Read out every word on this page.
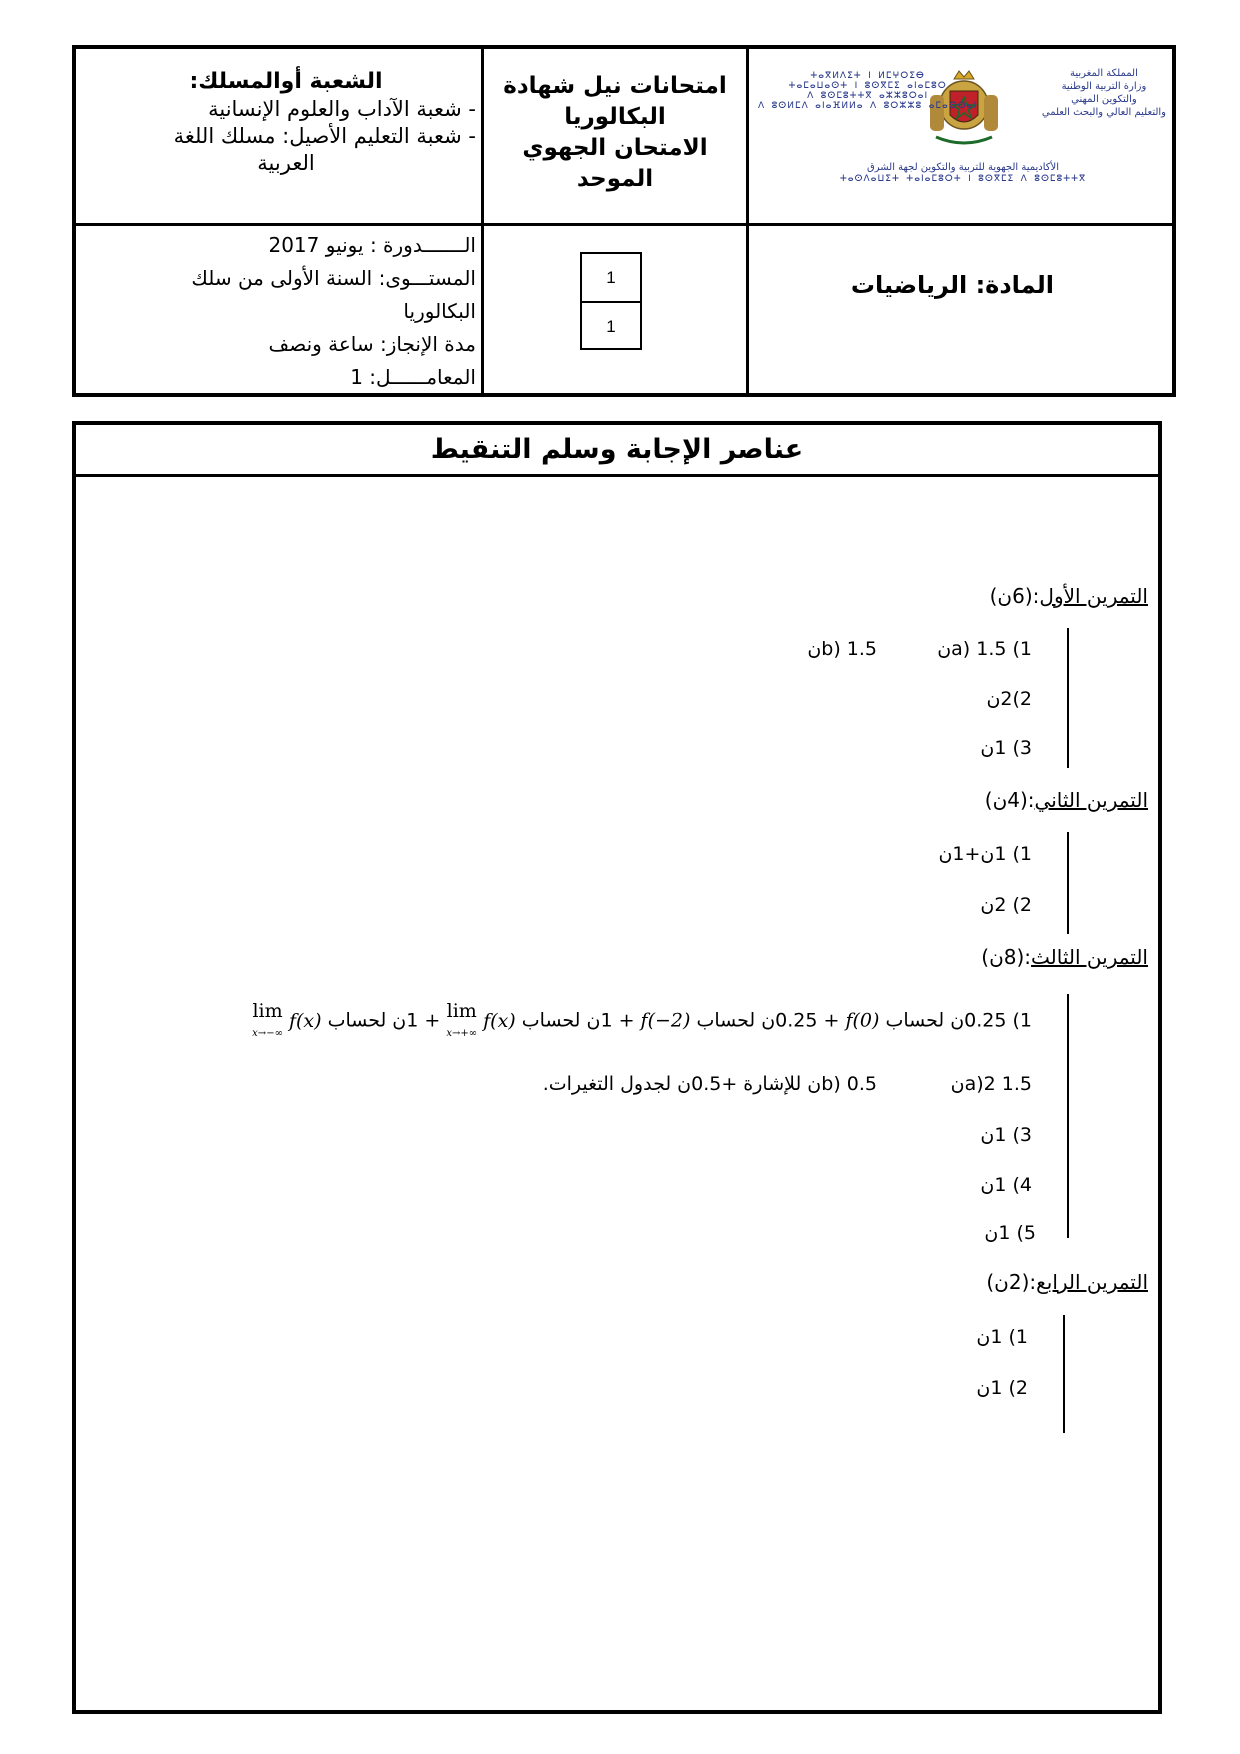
المملكة المغربية
وزارة التربية الوطنية
والتكوين المهني
والتعليم العالي والبحث العلمي
ⵜⴰⴳⵍⴷⵉⵜ ⵏ ⵍⵎⵖⵔⵉⴱ
ⵜⴰⵎⴰⵡⴰⵙⵜ ⵏ ⵓⵙⴳⵎⵉ ⴰⵏⴰⵎⵓⵔ
ⴷ ⵓⵙⵎⵓⵜⵜⴳ ⴰⵣⵣⵓⵔⴰⵏ
ⴷ ⵓⵙⵍⵎⴷ ⴰⵏⴰⴼⵍⵍⴰ ⴷ ⵓⵔⵣⵣⵓ ⴰⵎⴰⵙⵙⴰⵏ
الأكاديمية الجهوية للتربية والتكوين لجهة الشرق
ⵜⴰⵙⴷⴰⵡⵉⵜ ⵜⴰⵏⴰⵎⵓⵔⵜ ⵏ ⵓⵙⴳⵎⵉ ⴷ ⵓⵙⵎⵓⵜⵜⴳ
امتحانات نيل شهادة
البكالوريا
الامتحان الجهوي
الموحد
الشعبة أوالمسلك:
- شعبة الآداب والعلوم الإنسانية
- شعبة التعليم الأصيل: مسلك اللغة
العربية
المادة: الرياضيات
الـــــــدورة : يونيو 2017
المستـــوى: السنة الأولى من سلك
البكالوريا
مدة الإنجاز: ساعة ونصف
المعامــــــل: 1
1
1
عناصر الإجابة وسلم التنقيط
التمرين الأول:(6ن)
1) a) 1.5ن
b) 1.5ن
2)2ن
3) 1ن
التمرين الثاني:(4ن)
1) 1ن+1ن
2) 2ن
التمرين الثالث:(8ن)
1) 0.25ن لحساب f(0) + 0.25ن لحساب f(−2) + 1ن لحساب lim
x→+∞ f(x) + 1ن لحساب lim
x→−∞ f(x)
a)2 1.5ن
b) 0.5ن للإشارة +0.5ن لجدول التغيرات.
3) 1ن
4) 1ن
5) 1ن
التمرين الرابع:(2ن)
1) 1ن
2) 1ن
